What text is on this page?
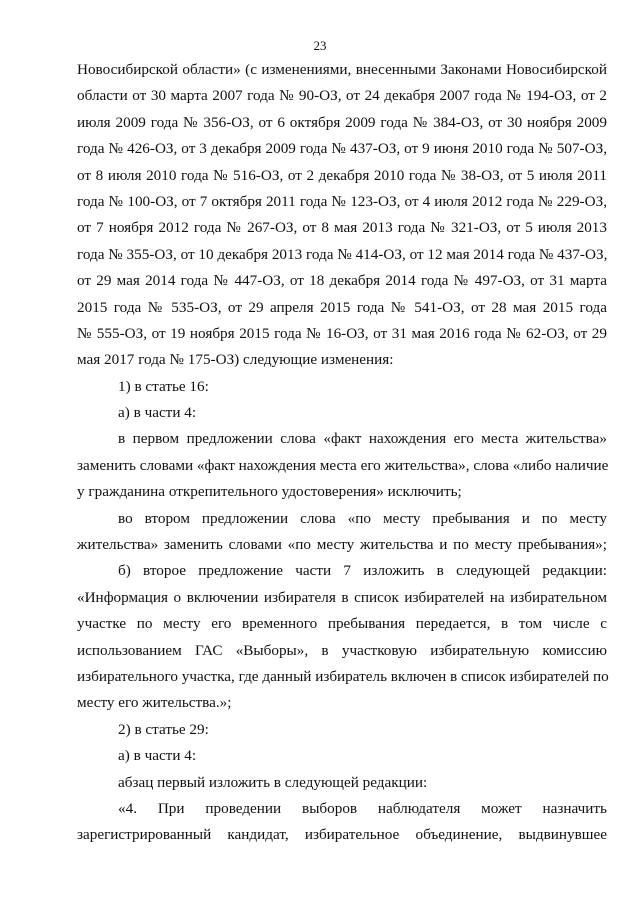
23
Новосибирской области» (с изменениями, внесенными Законами Новосибирской
области от 30 марта 2007 года № 90-ОЗ, от 24 декабря 2007 года № 194-ОЗ, от 2
июля 2009 года № 356-ОЗ, от 6 октября 2009 года № 384-ОЗ, от 30 ноября 2009
года № 426-ОЗ, от 3 декабря 2009 года № 437-ОЗ, от 9 июня 2010 года № 507-ОЗ,
от 8 июля 2010 года № 516-ОЗ, от 2 декабря 2010 года № 38-ОЗ, от 5 июля 2011
года № 100-ОЗ, от 7 октября 2011 года № 123-ОЗ, от 4 июля 2012 года № 229-ОЗ,
от 7 ноября 2012 года № 267-ОЗ, от 8 мая 2013 года № 321-ОЗ, от 5 июля 2013
года № 355-ОЗ, от 10 декабря 2013 года № 414-ОЗ, от 12 мая 2014 года № 437-ОЗ,
от 29 мая 2014 года № 447-ОЗ, от 18 декабря 2014 года № 497-ОЗ, от 31 марта
2015 года № 535-ОЗ, от 29 апреля 2015 года № 541-ОЗ, от 28 мая 2015 года
№ 555-ОЗ, от 19 ноября 2015 года № 16-ОЗ, от 31 мая 2016 года № 62-ОЗ, от 29
мая 2017 года № 175-ОЗ) следующие изменения:
1) в статье 16:
а) в части 4:
в первом предложении слова «факт нахождения его места жительства»
заменить словами «факт нахождения места его жительства», слова «либо наличие
у гражданина открепительного удостоверения» исключить;
во втором предложении слова «по месту пребывания и по месту
жительства» заменить словами «по месту жительства и по месту пребывания»;
б) второе предложение части 7 изложить в следующей редакции:
«Информация о включении избирателя в список избирателей на избирательном
участке по месту его временного пребывания передается, в том числе с
использованием ГАС «Выборы», в участковую избирательную комиссию
избирательного участка, где данный избиратель включен в список избирателей по
месту его жительства.»;
2) в статье 29:
а) в части 4:
абзац первый изложить в следующей редакции:
«4. При проведении выборов наблюдателя может назначить
зарегистрированный кандидат, избирательное объединение, выдвинувшее
